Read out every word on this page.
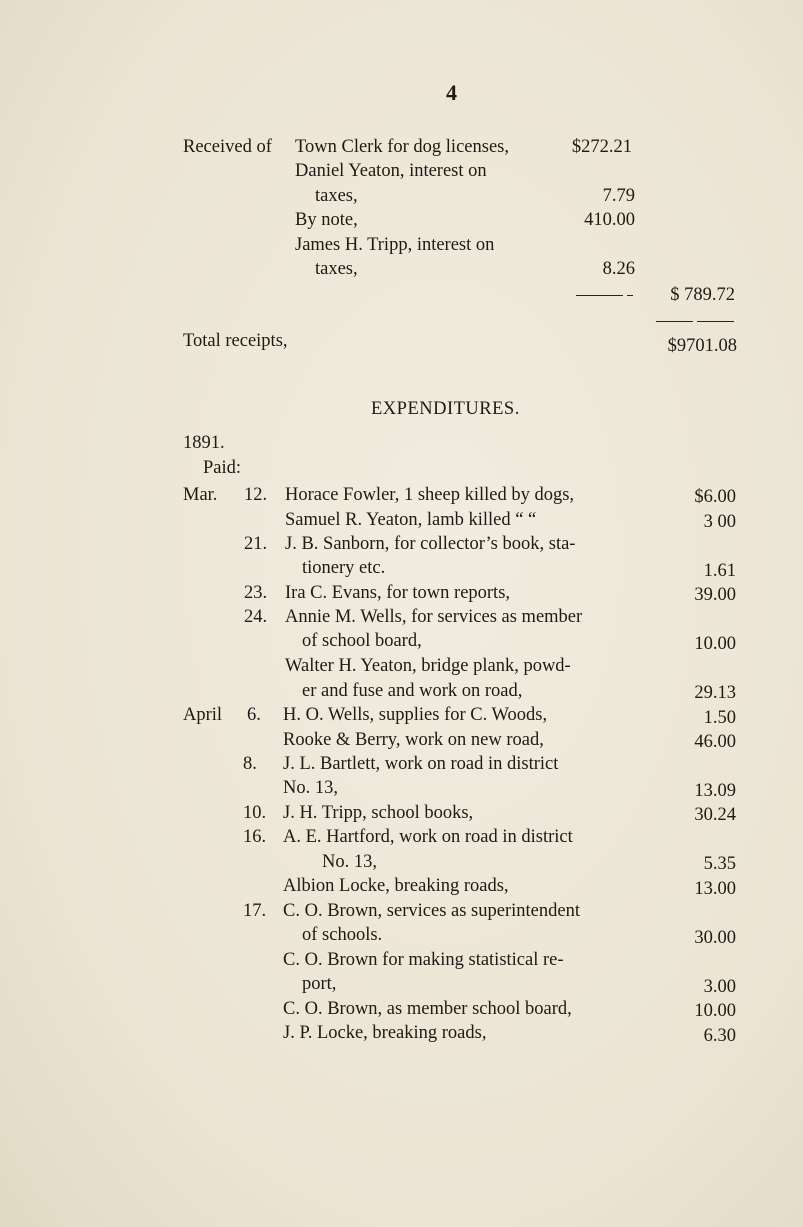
4
Received of Town Clerk for dog licenses,	$272.21
Daniel Yeaton, interest on
taxes,	7.79
By note,	410.00
James H. Tripp, interest on
taxes,	8.26
$ 789.72
Total receipts,	$9701.08
EXPENDITURES.
1891.
Paid:
Mar. 12. Horace Fowler, 1 sheep killed by dogs,	$6.00
Samuel R. Yeaton, lamb killed “ “	3 00
21. J. B. Sanborn, for collector’s book, sta-
tionery etc.	1.61
23. Ira C. Evans, for town reports,	39.00
24. Annie M. Wells, for services as member
of school board,	10.00
Walter H. Yeaton, bridge plank, powd-
er and fuse and work on road,	29.13
April 6. H. O. Wells, supplies for C. Woods,	1.50
Rooke & Berry, work on new road,	46.00
8. J. L. Bartlett, work on road in district
No. 13,	13.09
10. J. H. Tripp, school books,	30.24
16. A. E. Hartford, work on road in district
No. 13,	5.35
Albion Locke, breaking roads,	13.00
17. C. O. Brown, services as superintendent
of schools.	30.00
C. O. Brown for making statistical re-
port,	3.00
C. O. Brown, as member school board,	10.00
J. P. Locke, breaking roads,	6.30
